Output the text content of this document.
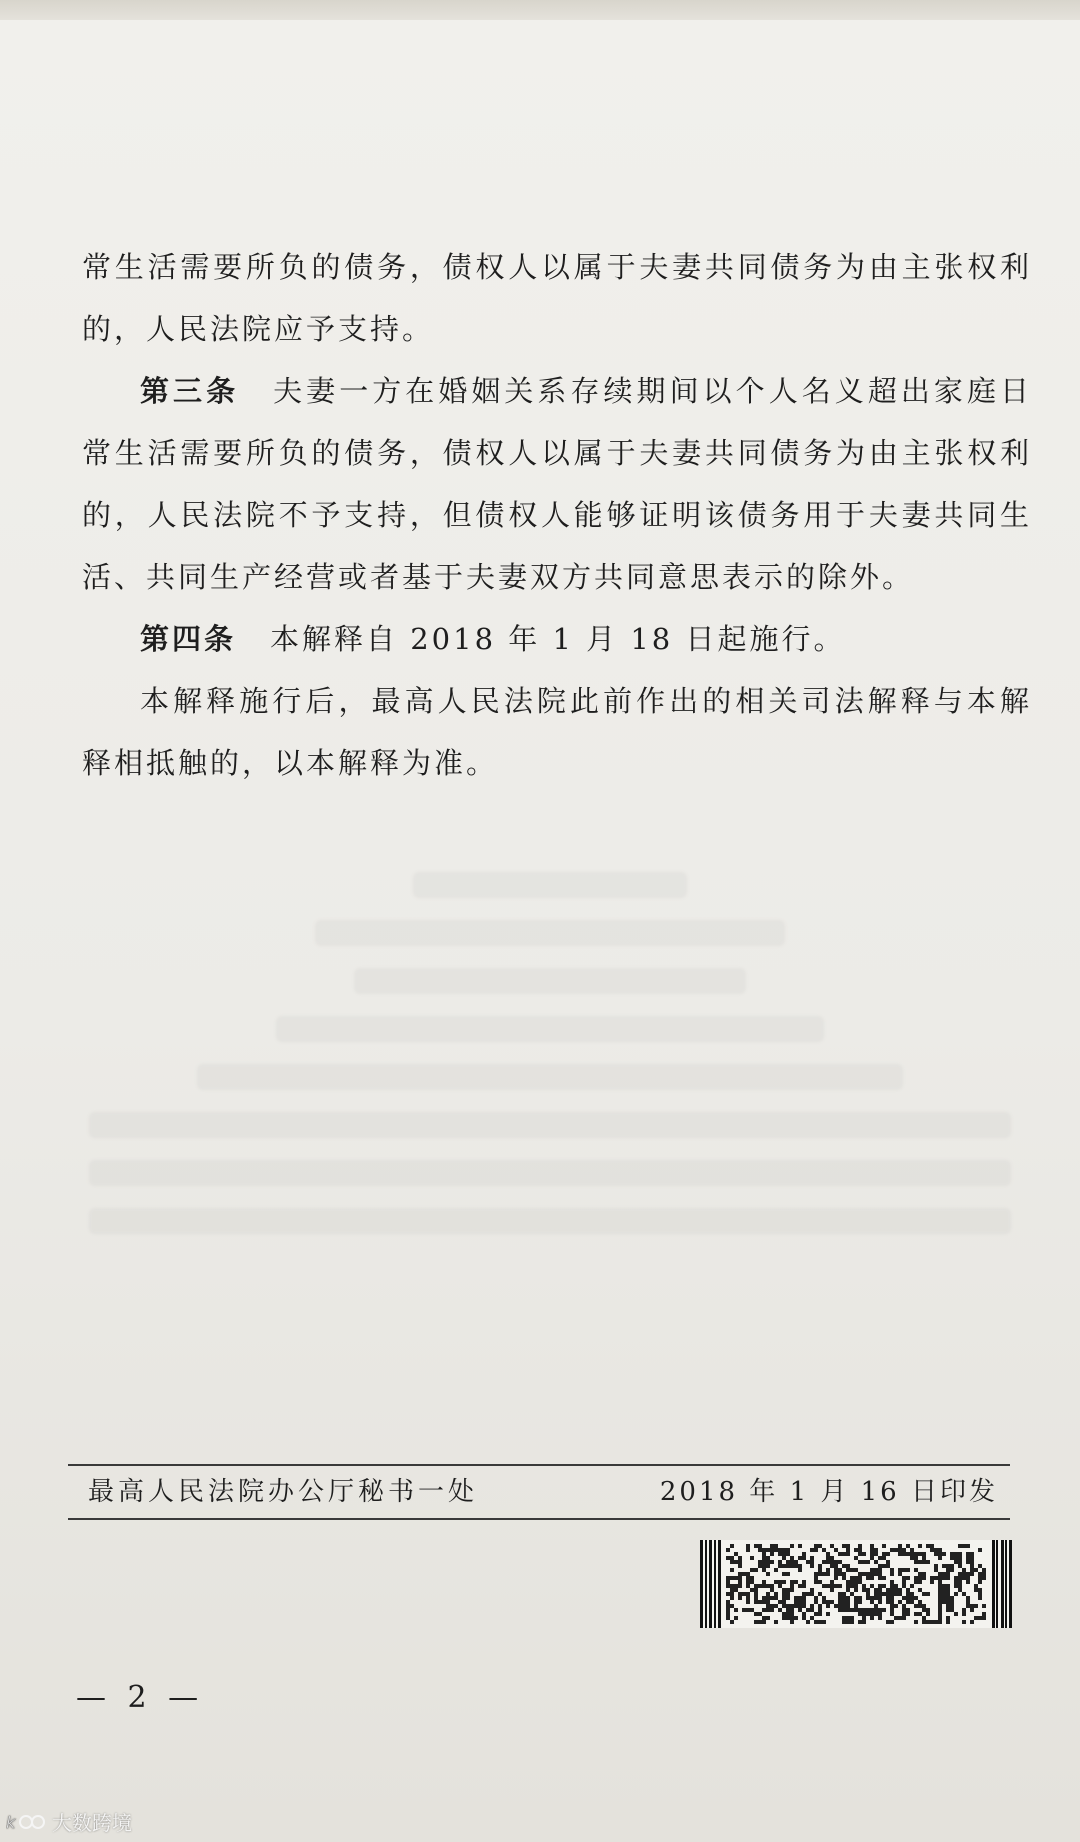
常生活需要所负的债务，债权人以属于夫妻共同债务为由主张权利的，人民法院应予支持。

第三条 夫妻一方在婚姻关系存续期间以个人名义超出家庭日常生活需要所负的债务，债权人以属于夫妻共同债务为由主张权利的，人民法院不予支持，但债权人能够证明该债务用于夫妻共同生活、共同生产经营或者基于夫妻双方共同意思表示的除外。

第四条 本解释自 2018 年 1 月 18 日起施行。

本解释施行后，最高人民法院此前作出的相关司法解释与本解释相抵触的，以本解释为准。

最高人民法院办公厅秘书一处	2018 年 1 月 16 日印发
— 2 —
k 大数跨境
